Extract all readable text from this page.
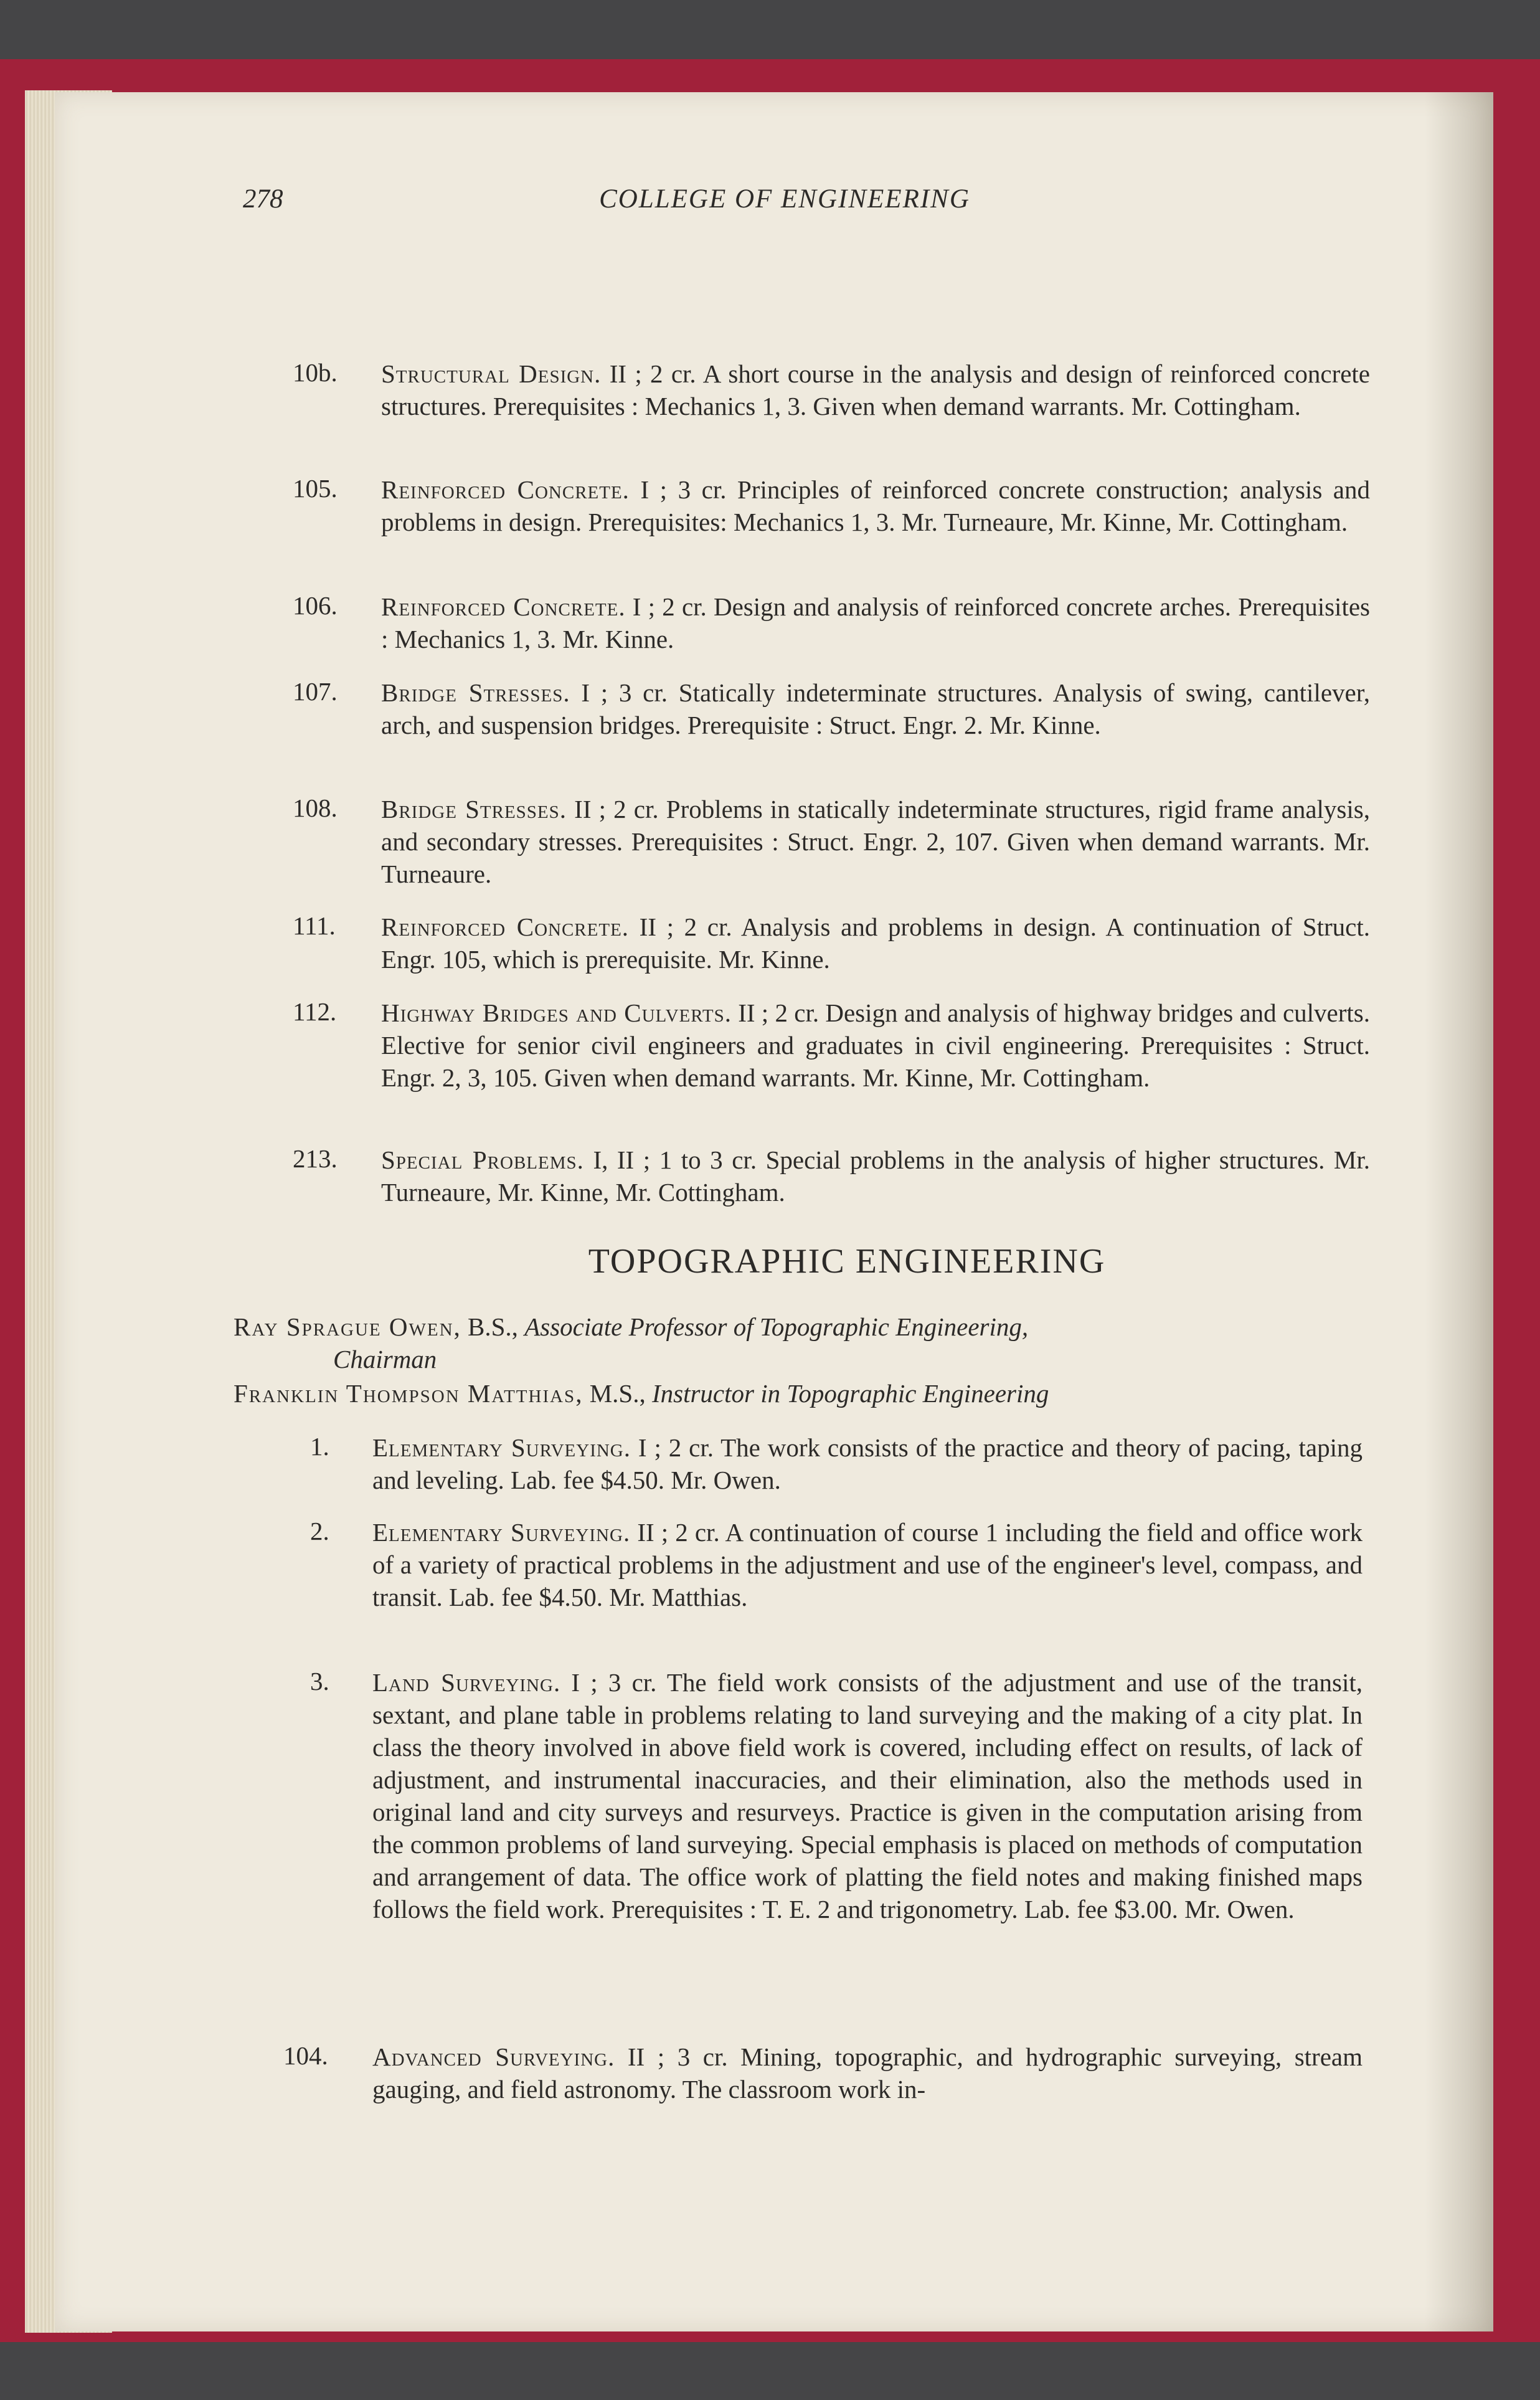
278	COLLEGE OF ENGINEERING
10b. Structural Design. II ; 2 cr. A short course in the analysis and design of reinforced concrete structures. Prerequisites : Mechanics 1, 3. Given when demand warrants. Mr. Cottingham.
105. Reinforced Concrete. I ; 3 cr. Principles of reinforced concrete construction; analysis and problems in design. Prerequisites: Mechanics 1, 3. Mr. Turneaure, Mr. Kinne, Mr. Cottingham.
106. Reinforced Concrete. I ; 2 cr. Design and analysis of reinforced concrete arches. Prerequisites : Mechanics 1, 3. Mr. Kinne.
107. Bridge Stresses. I ; 3 cr. Statically indeterminate structures. Analysis of swing, cantilever, arch, and suspension bridges. Prerequisite : Struct. Engr. 2. Mr. Kinne.
108. Bridge Stresses. II ; 2 cr. Problems in statically indeterminate structures, rigid frame analysis, and secondary stresses. Prerequisites : Struct. Engr. 2, 107. Given when demand warrants. Mr. Turneaure.
111. Reinforced Concrete. II ; 2 cr. Analysis and problems in design. A continuation of Struct. Engr. 105, which is prerequisite. Mr. Kinne.
112. Highway Bridges and Culverts. II ; 2 cr. Design and analysis of highway bridges and culverts. Elective for senior civil engineers and graduates in civil engineering. Prerequisites : Struct. Engr. 2, 3, 105. Given when demand warrants. Mr. Kinne, Mr. Cottingham.
213. Special Problems. I, II ; 1 to 3 cr. Special problems in the analysis of higher structures. Mr. Turneaure, Mr. Kinne, Mr. Cottingham.
TOPOGRAPHIC ENGINEERING
Ray Sprague Owen, B.S., Associate Professor of Topographic Engineering,
Chairman
Franklin Thompson Matthias, M.S., Instructor in Topographic Engineering
1. Elementary Surveying. I ; 2 cr. The work consists of the practice and theory of pacing, taping and leveling. Lab. fee $4.50. Mr. Owen.
2. Elementary Surveying. II ; 2 cr. A continuation of course 1 including the field and office work of a variety of practical problems in the adjustment and use of the engineer's level, compass, and transit. Lab. fee $4.50. Mr. Matthias.
3. Land Surveying. I ; 3 cr. The field work consists of the adjustment and use of the transit, sextant, and plane table in problems relating to land surveying and the making of a city plat. In class the theory involved in above field work is covered, including effect on results, of lack of adjustment, and instrumental inaccuracies, and their elimination, also the methods used in original land and city surveys and resurveys. Practice is given in the computation arising from the common problems of land surveying. Special emphasis is placed on methods of computation and arrangement of data. The office work of platting the field notes and making finished maps follows the field work. Prerequisites : T. E. 2 and trigonometry. Lab. fee $3.00. Mr. Owen.
104. Advanced Surveying. II ; 3 cr. Mining, topographic, and hydrographic surveying, stream gauging, and field astronomy. The classroom work in-
